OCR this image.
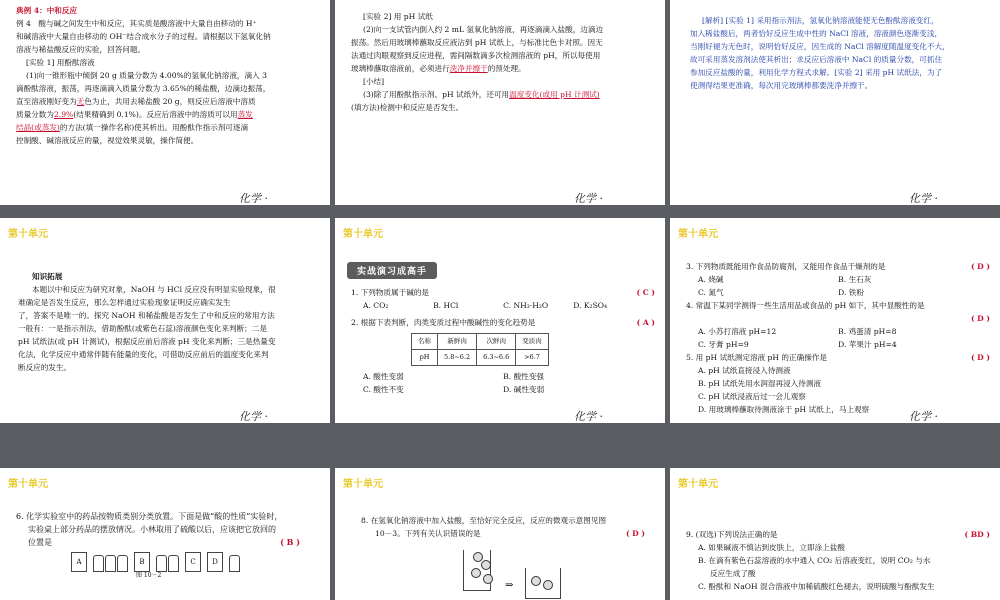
典例 4：中和反应
例 4　酸与碱之间发生中和反应，其实质是酸溶液中大量自由移动的 H⁺
和碱溶液中大量自由移动的 OH⁻结合成水分子的过程。请根据以下氢氧化钠
溶液与稀盐酸反应的实验，回答问题。
[实验 1] 用酚酞溶液
(1)向一锥形瓶中倾倒 20 g 质量分数为 4.00%的氢氧化钠溶液，滴入 3
滴酚酞溶液，振荡，再逐滴滴入质量分数为 3.65%的稀盐酸，边滴边振荡，
直至溶液刚好变为无色为止，共用去稀盐酸 20 g，则反应后溶液中溶质
质量分数为2.9%(结果精确到 0.1%)。反应后溶液中的溶质可以用蒸发
结晶(或蒸发)的方法(填一操作名称)使其析出。用酚酞作指示剂可逐滴
控制酸、碱溶液反应的量，视觉效果灵敏，操作简便。
化学 ·
[实验 2] 用 pH 试纸
(2)向一支试管内倒入约 2 mL 氢氧化钠溶液，再逐滴滴入盐酸，边滴边
振荡。然后用玻璃棒蘸取反应液沾到 pH 试纸上，与标准比色卡对照。因无
法通过肉眼观察到反应进程，需间隔数滴多次检测溶液的 pH，所以每使用
玻璃棒蘸取溶液前，必须进行洗净并擦干的预处理。
[小结]
(3)除了用酚酞指示剂、pH 试纸外，还可用温度变化(或用 pH 计测试)
(填方法)检测中和反应是否发生。
化学 ·
[解析] [实验 1] 采用指示剂法，氢氧化钠溶液能使无色酚酞溶液变红，
加入稀盐酸后，两者恰好反应生成中性的 NaCl 溶液，溶液颜色逐渐变浅，
当刚好褪为无色时，说明恰好反应，因生成的 NaCl 溶解度随温度变化不大，
故可采用蒸发溶剂法使其析出；求反应后溶液中 NaCl 的质量分数，可抓住
参加反应盐酸的量，利用化学方程式求解。[实验 2] 采用 pH 试纸法，为了
使测得结果更准确，每次用完玻璃棒都要洗净并擦干。
化学 ·
第十单元
知识拓展
本题以中和反应为研究对象，NaOH 与 HCl 反应没有明显实验现象，很
难确定是否发生反应，那么怎样通过实验现象证明反应确实发生
了，答案不是唯一的。探究 NaOH 和稀盐酸是否发生了中和反应的常用方法
一般有：一是指示剂法，借助酚酞(或紫色石蕊)溶液颜色变化来判断；二是
pH 试纸法(或 pH 计测试)，根据反应前后溶液 pH 变化来判断；三是热量变
化法，化学反应中通常伴随有能量的变化，可借助反应前后的温度变化来判
断反应的发生。
化学 ·
第十单元
实战演习成高手
1. 下列物质属于碱的是	( C )
A. CO₂	B. HCl	C. NH₃·H₂O	D. K₂SO₄
2. 根据下表判断，肉类变质过程中酸碱性的变化趋势是	( A )
名称	新鲜肉	次鲜肉	变质肉
pH	5.8~6.2	6.3~6.6	>6.7
A. 酸性变弱	B. 酸性变强
C. 酸性不变	D. 碱性变弱
化学 ·
第十单元
3. 下列物质既能用作食品防腐剂，又能用作食品干燥剂的是	( D )
A. 烧碱	B. 生石灰
C. 氮气	D. 铁粉
4. 常温下某同学测得一些生活用品或食品的 pH 如下，其中显酸性的是
( D )
A. 小苏打溶液 pH=12	B. 鸡蛋清 pH=8
C. 牙膏 pH=9	D. 苹果汁 pH=4
5. 用 pH 试纸测定溶液 pH 的正确操作是	( D )
A. pH 试纸直接浸入待测液
B. pH 试纸先用水润湿再浸入待测液
C. pH 试纸浸液后过一会儿观察
D. 用玻璃棒蘸取待测液涂于 pH 试纸上，马上观察
化学 ·
第十单元
6. 化学实验室中的药品按物质类别分类放置。下面是做“酸的性质”实验时，
实验桌上部分药品的摆放情况。小林取用了硫酸以后，应该把它放回的
位置是	( B )
A	B	C	D
图 10－2
第十单元
8. 在氢氧化钠溶液中加入盐酸，至恰好完全反应，反应的微观示意图见图
10－3。下列有关认识错误的是	( D )
⇒
第十单元
9. (双选)下列说法正确的是	( BD )
A. 如果碱液不慎沾到皮肤上，立即涂上盐酸
B. 在滴有紫色石蕊溶液的水中通入 CO₂ 后溶液变红，说明 CO₂ 与水
反应生成了酸
C. 酚酞和 NaOH 混合溶液中加稀硫酸红色褪去，说明硫酸与酚酞发生
